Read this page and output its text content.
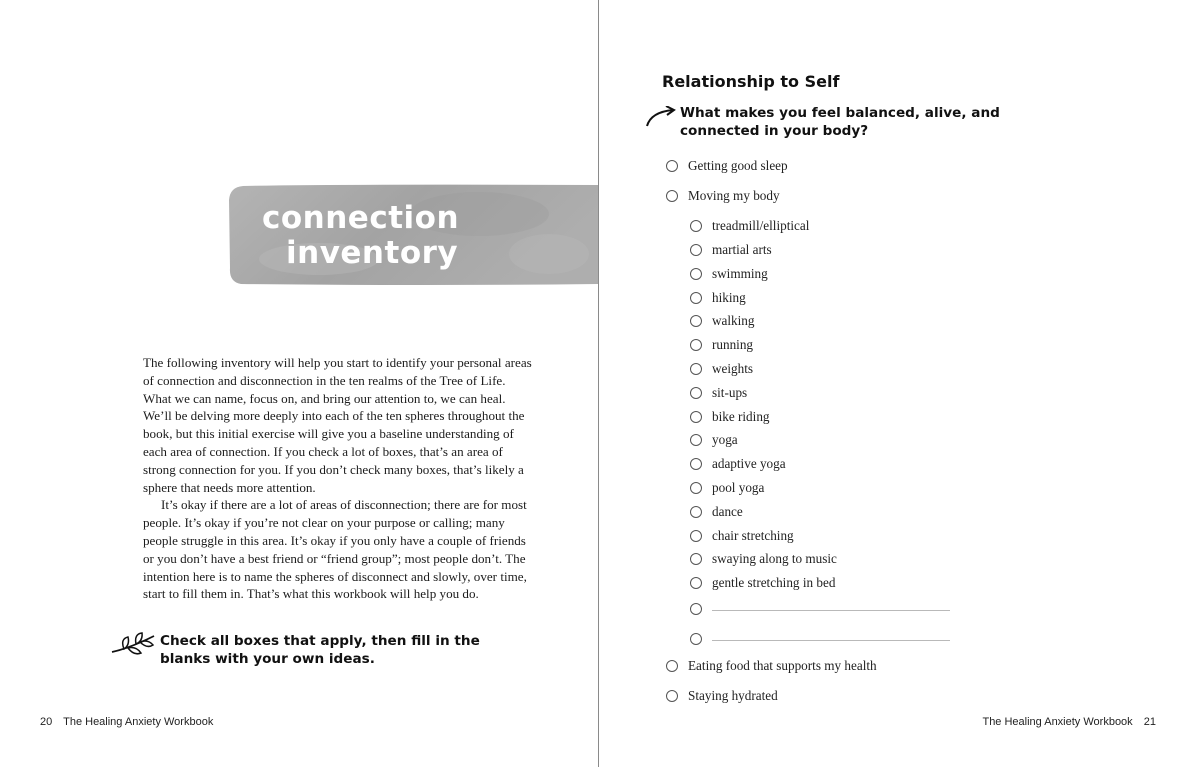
connection
inventory

The following inventory will help you start to identify your personal areas of connection and disconnection in the ten realms of the Tree of Life. What we can name, focus on, and bring our attention to, we can heal. We’ll be delving more deeply into each of the ten spheres throughout the book, but this initial exercise will give you a baseline understanding of each area of connection. If you check a lot of boxes, that’s an area of strong connection for you. If you don’t check many boxes, that’s likely a sphere that needs more attention.

It’s okay if there are a lot of areas of disconnection; there are for most people. It’s okay if you’re not clear on your purpose or calling; many people struggle in this area. It’s okay if you only have a couple of friends or you don’t have a best friend or “friend group”; most people don’t. The intention here is to name the spheres of disconnect and slowly, over time, start to fill them in. That’s what this workbook will help you do.

Check all boxes that apply, then fill in the blanks with your own ideas.
20 The Healing Anxiety Workbook
Relationship to Self
What makes you feel balanced, alive, and connected in your body?
Getting good sleep
Moving my body
treadmill/elliptical
martial arts
swimming
hiking
walking
running
weights
sit-ups
bike riding
yoga
adaptive yoga
pool yoga
dance
chair stretching
swaying along to music
gentle stretching in bed
Eating food that supports my health
Staying hydrated
The Healing Anxiety Workbook 21
